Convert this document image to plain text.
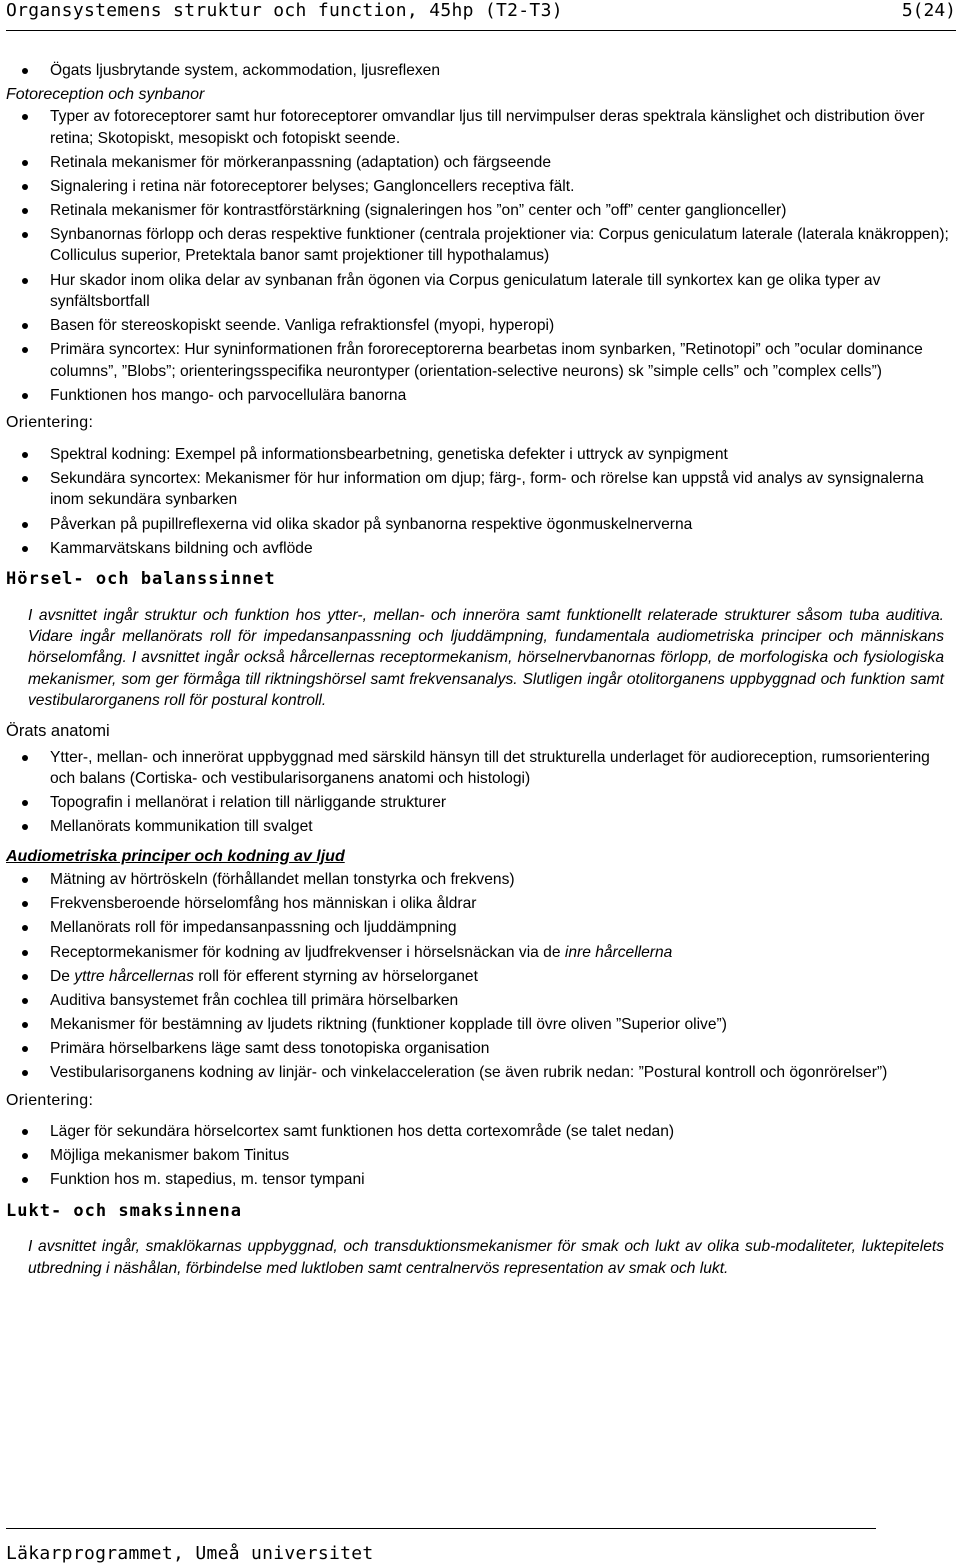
Organsystemens struktur och function, 45hp (T2-T3)	5(24)
Ögats ljusbrytande system, ackommodation, ljusreflexen
Fotoreception och synbanor
Typer av fotoreceptorer samt hur fotoreceptorer omvandlar ljus till nervimpulser deras spektrala känslighet och distribution över retina; Skotopiskt, mesopiskt och fotopiskt seende.
Retinala mekanismer för mörkeranpassning (adaptation) och färgseende
Signalering i retina när fotoreceptorer belyses; Gangloncellers receptiva fält.
Retinala mekanismer för kontrastförstärkning (signaleringen hos ”on” center och ”off” center ganglionceller)
Synbanornas förlopp och deras respektive funktioner (centrala projektioner via: Corpus geniculatum laterale (laterala knäkroppen); Colliculus superior, Pretektala banor samt projektioner till hypothalamus)
Hur skador inom olika delar av synbanan från ögonen via Corpus geniculatum laterale till synkortex kan ge olika typer av synfältsbortfall
Basen för stereoskopiskt seende. Vanliga refraktionsfel (myopi, hyperopi)
Primära syncortex: Hur syninformationen från fororeceptorerna bearbetas inom synbarken, ”Retinotopi” och ”ocular dominance columns”, ”Blobs”; orienteringsspecifika neurontyper (orientation-selective neurons) sk ”simple cells” och ”complex cells”)
Funktionen hos mango- och parvocellulära banorna
Orientering:
Spektral kodning: Exempel på informationsbearbetning, genetiska defekter i uttryck av synpigment
Sekundära syncortex: Mekanismer för hur information om djup; färg-, form- och rörelse kan uppstå vid analys av synsignalerna inom sekundära synbarken
Påverkan på pupillreflexerna vid olika skador på synbanorna respektive ögonmuskelnerverna
Kammarvätskans bildning och avflöde
Hörsel- och balanssinnet

I avsnittet ingår struktur och funktion hos ytter-, mellan- och inneröra samt funktionellt relaterade strukturer såsom tuba auditiva. Vidare ingår mellanörats roll för impedansanpassning och ljuddämpning, fundamentala audiometriska principer och människans hörselomfång. I avsnittet ingår också hårcellernas receptormekanism, hörselnervbanornas förlopp, de morfologiska och fysiologiska mekanismer, som ger förmåga till riktningshörsel samt frekvensanalys. Slutligen ingår otolitorganens uppbyggnad och funktion samt vestibularorganens roll för postural kontroll.

Örats anatomi
Ytter-, mellan- och innerörat uppbyggnad med särskild hänsyn till det strukturella underlaget för audioreception, rumsorientering och balans (Cortiska- och vestibularisorganens anatomi och histologi)
Topografin i mellanörat i relation till närliggande strukturer
Mellanörats kommunikation till svalget
Audiometriska principer och kodning av ljud
Mätning av hörtröskeln (förhållandet mellan tonstyrka och frekvens)
Frekvensberoende hörselomfång hos människan i olika åldrar
Mellanörats roll för impedansanpassning och ljuddämpning
Receptormekanismer för kodning av ljudfrekvenser i hörselsnäckan via de inre hårcellerna
De yttre hårcellernas roll för efferent styrning av hörselorganet
Auditiva bansystemet från cochlea till primära hörselbarken
Mekanismer för bestämning av ljudets riktning (funktioner kopplade till övre oliven ”Superior olive”)
Primära hörselbarkens läge samt dess tonotopiska organisation
Vestibularisorganens kodning av linjär- och vinkelacceleration (se även rubrik nedan: ”Postural kontroll och ögonrörelser”)
Orientering:
Läger för sekundära hörselcortex samt funktionen hos detta cortexområde (se talet nedan)
Möjliga mekanismer bakom Tinitus
Funktion hos m. stapedius, m. tensor tympani
Lukt- och smaksinnena

I avsnittet ingår, smaklökarnas uppbyggnad, och transduktionsmekanismer för smak och lukt av olika sub-modaliteter, luktepitelets utbredning i näshålan, förbindelse med luktloben samt centralnervös representation av smak och lukt.

Läkarprogrammet, Umeå universitet
